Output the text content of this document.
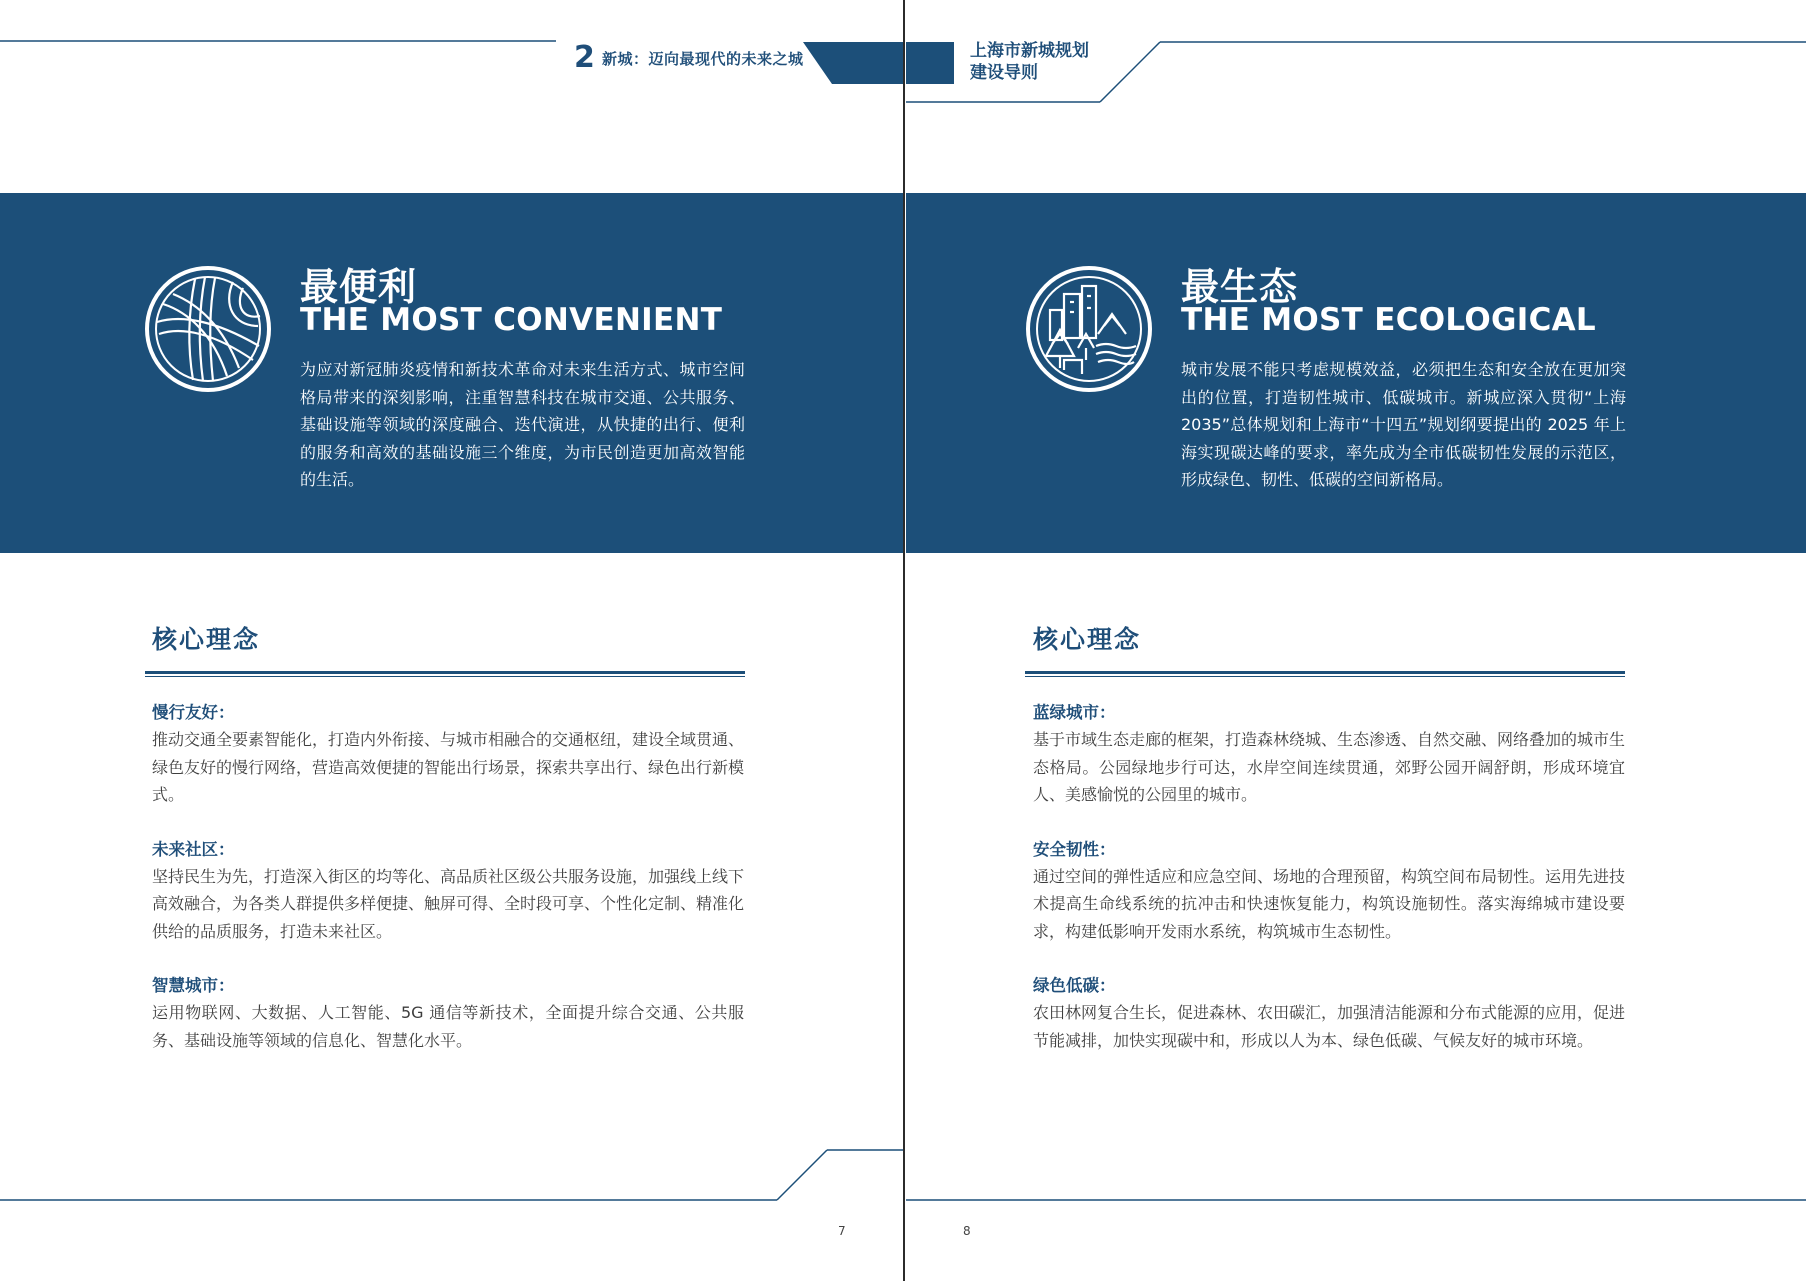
2 新城：迈向最现代的未来之城
最便利
THE MOST CONVENIENT
为应对新冠肺炎疫情和新技术革命对未来生活方式、城市空间格局带来的深刻影响，注重智慧科技在城市交通、公共服务、基础设施等领域的深度融合、迭代演进，从快捷的出行、便利的服务和高效的基础设施三个维度，为市民创造更加高效智能的生活。
核心理念
慢行友好：
推动交通全要素智能化，打造内外衔接、与城市相融合的交通枢纽，建设全域贯通、绿色友好的慢行网络，营造高效便捷的智能出行场景，探索共享出行、绿色出行新模式。
未来社区：
坚持民生为先，打造深入街区的均等化、高品质社区级公共服务设施，加强线上线下高效融合，为各类人群提供多样便捷、触屏可得、全时段可享、个性化定制、精准化供给的品质服务，打造未来社区。
智慧城市：
运用物联网、大数据、人工智能、5G 通信等新技术，全面提升综合交通、公共服务、基础设施等领域的信息化、智慧化水平。
7
上海市新城规划
建设导则
最生态
THE MOST ECOLOGICAL
城市发展不能只考虑规模效益，必须把生态和安全放在更加突出的位置，打造韧性城市、低碳城市。新城应深入贯彻“上海 2035”总体规划和上海市“十四五”规划纲要提出的 2025 年上海实现碳达峰的要求，率先成为全市低碳韧性发展的示范区，形成绿色、韧性、低碳的空间新格局。
核心理念
蓝绿城市：
基于市域生态走廊的框架，打造森林绕城、生态渗透、自然交融、网络叠加的城市生态格局。公园绿地步行可达，水岸空间连续贯通，郊野公园开阔舒朗，形成环境宜人、美感愉悦的公园里的城市。
安全韧性：
通过空间的弹性适应和应急空间、场地的合理预留，构筑空间布局韧性。运用先进技术提高生命线系统的抗冲击和快速恢复能力，构筑设施韧性。落实海绵城市建设要求，构建低影响开发雨水系统，构筑城市生态韧性。
绿色低碳：
农田林网复合生长，促进森林、农田碳汇，加强清洁能源和分布式能源的应用，促进节能减排，加快实现碳中和，形成以人为本、绿色低碳、气候友好的城市环境。
8
